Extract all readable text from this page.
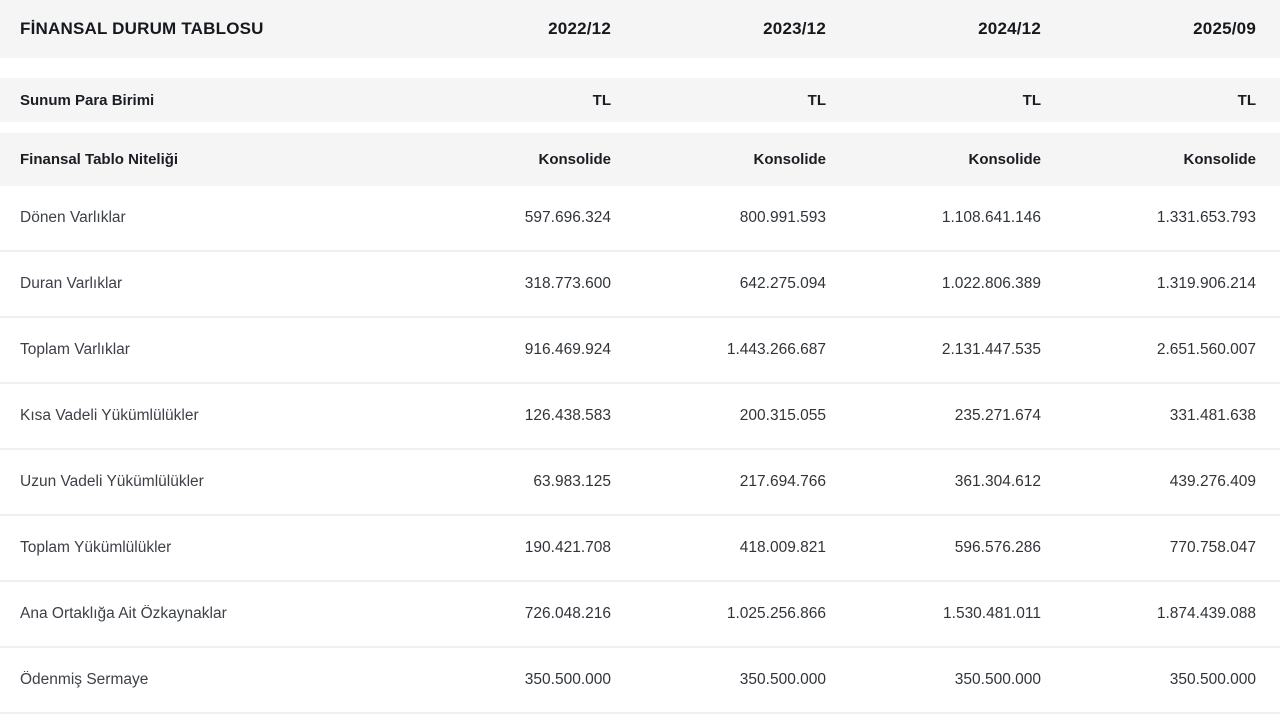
FİNANSAL DURUM TABLOSU	2022/12	2023/12	2024/12	2025/09
Sunum Para Birimi	TL	TL	TL	TL
Finansal Tablo Niteliği	Konsolide	Konsolide	Konsolide	Konsolide
Dönen Varlıklar	597.696.324	800.991.593	1.108.641.146	1.331.653.793
Duran Varlıklar	318.773.600	642.275.094	1.022.806.389	1.319.906.214
Toplam Varlıklar	916.469.924	1.443.266.687	2.131.447.535	2.651.560.007
Kısa Vadeli Yükümlülükler	126.438.583	200.315.055	235.271.674	331.481.638
Uzun Vadeli Yükümlülükler	63.983.125	217.694.766	361.304.612	439.276.409
Toplam Yükümlülükler	190.421.708	418.009.821	596.576.286	770.758.047
Ana Ortaklığa Ait Özkaynaklar	726.048.216	1.025.256.866	1.530.481.011	1.874.439.088
Ödenmiş Sermaye	350.500.000	350.500.000	350.500.000	350.500.000
